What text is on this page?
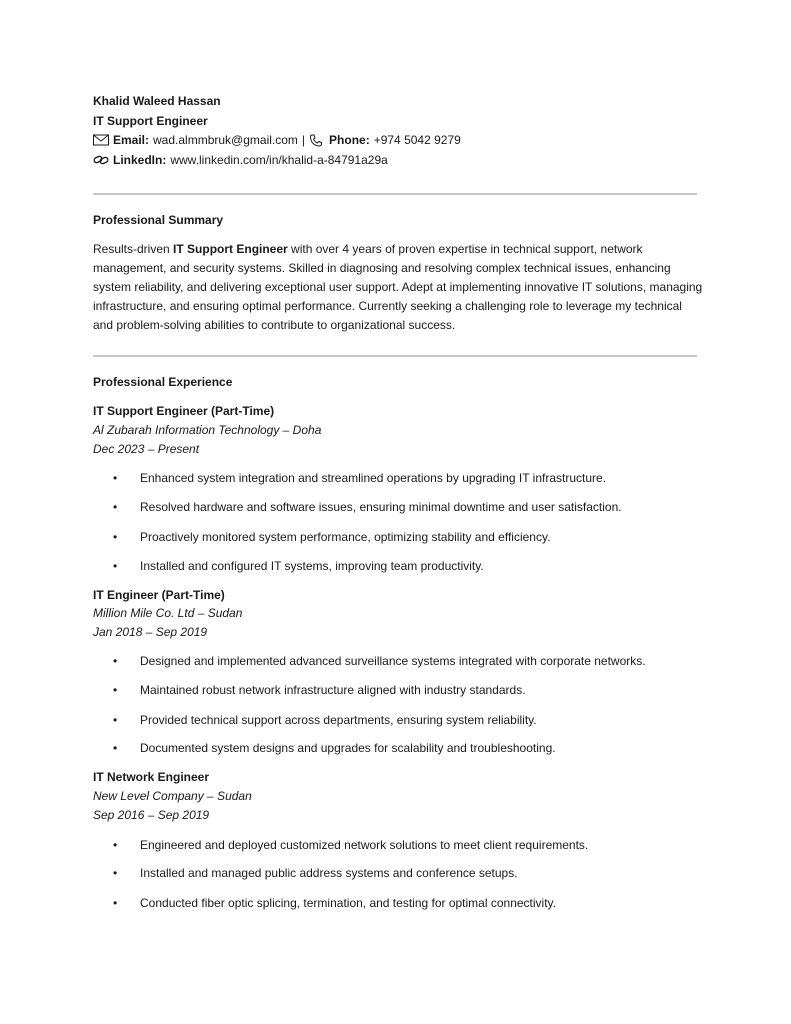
Khalid Waleed Hassan
IT Support Engineer
Email: wad.almmbruk@gmail.com | Phone: +974 5042 9279
LinkedIn: www.linkedin.com/in/khalid-a-84791a29a
Professional Summary
Results-driven IT Support Engineer with over 4 years of proven expertise in technical support, network management, and security systems. Skilled in diagnosing and resolving complex technical issues, enhancing system reliability, and delivering exceptional user support. Adept at implementing innovative IT solutions, managing infrastructure, and ensuring optimal performance. Currently seeking a challenging role to leverage my technical and problem-solving abilities to contribute to organizational success.
Professional Experience
IT Support Engineer (Part-Time)
Al Zubarah Information Technology – Doha
Dec 2023 – Present
• Enhanced system integration and streamlined operations by upgrading IT infrastructure.
• Resolved hardware and software issues, ensuring minimal downtime and user satisfaction.
• Proactively monitored system performance, optimizing stability and efficiency.
• Installed and configured IT systems, improving team productivity.
IT Engineer (Part-Time)
Million Mile Co. Ltd – Sudan
Jan 2018 – Sep 2019
• Designed and implemented advanced surveillance systems integrated with corporate networks.
• Maintained robust network infrastructure aligned with industry standards.
• Provided technical support across departments, ensuring system reliability.
• Documented system designs and upgrades for scalability and troubleshooting.
IT Network Engineer
New Level Company – Sudan
Sep 2016 – Sep 2019
• Engineered and deployed customized network solutions to meet client requirements.
• Installed and managed public address systems and conference setups.
• Conducted fiber optic splicing, termination, and testing for optimal connectivity.
